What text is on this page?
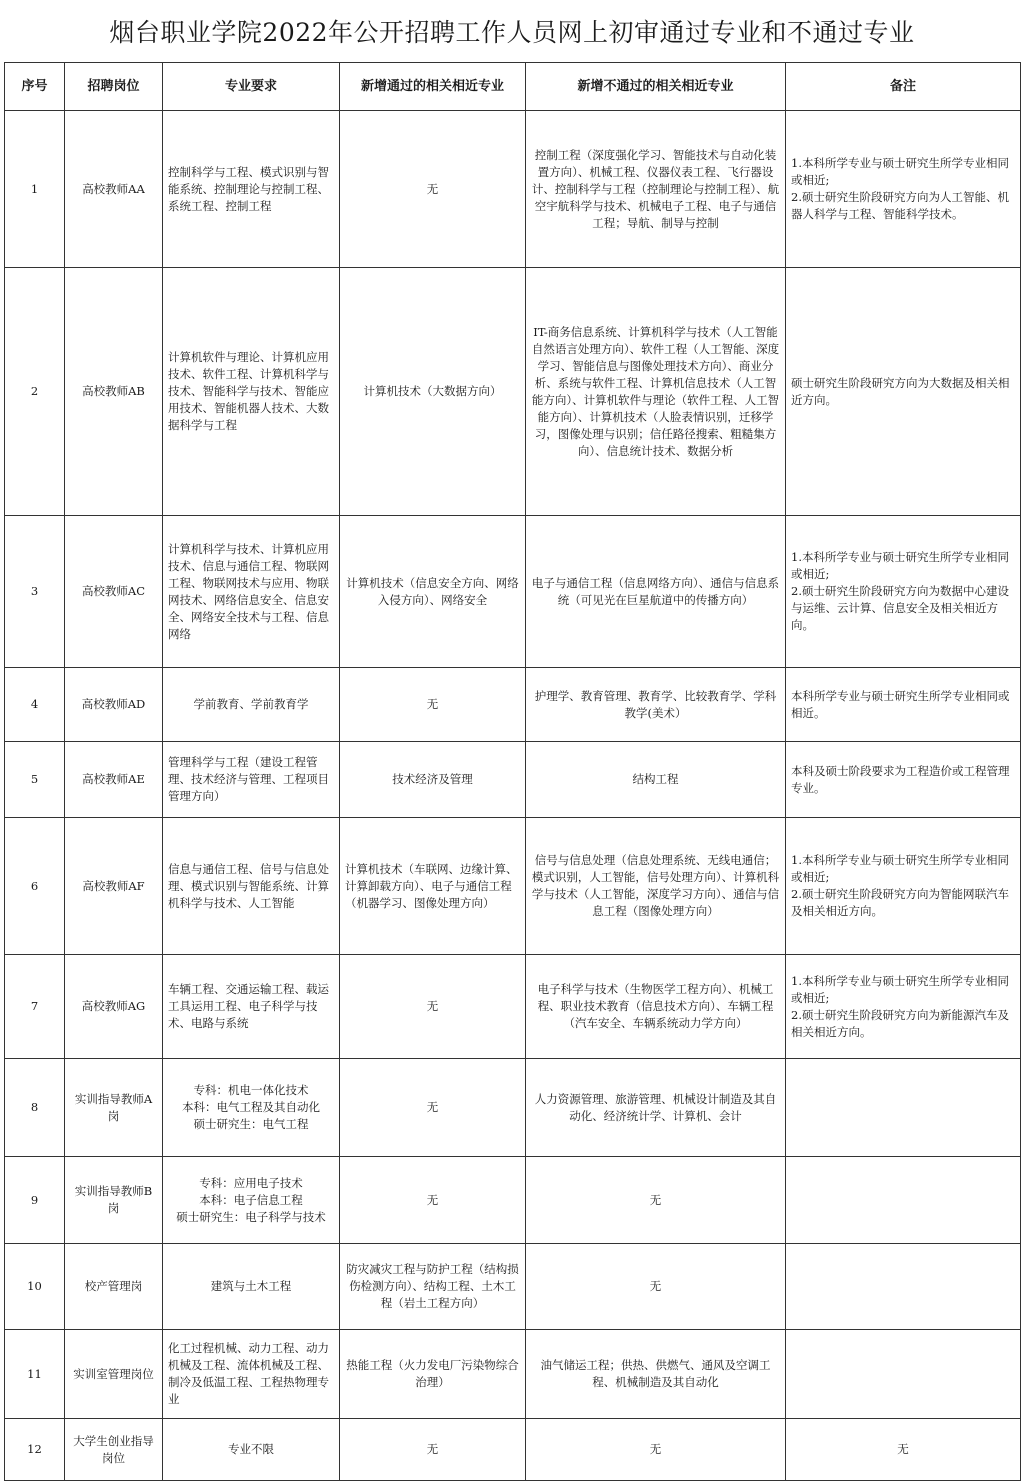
烟台职业学院2022年公开招聘工作人员网上初审通过专业和不通过专业
序号	招聘岗位	专业要求	新增通过的相关相近专业	新增不通过的相关相近专业	备注
1	高校教师AA	控制科学与工程、模式识别与智能系统、控制理论与控制工程、系统工程、控制工程	无	控制工程（深度强化学习、智能技术与自动化装置方向）、机械工程、仪器仪表工程、飞行器设计、控制科学与工程（控制理论与控制工程）、航空宇航科学与技术、机械电子工程、电子与通信工程；导航、制导与控制	1.本科所学专业与硕士研究生所学专业相同或相近;
2.硕士研究生阶段研究方向为人工智能、机器人科学与工程、智能科学技术。

2	高校教师AB	计算机软件与理论、计算机应用技术、软件工程、计算机科学与技术、智能科学与技术、智能应用技术、智能机器人技术、大数据科学与工程	计算机技术（大数据方向）	IT-商务信息系统、计算机科学与技术（人工智能自然语言处理方向）、软件工程（人工智能、深度学习、智能信息与图像处理技术方向）、商业分析、系统与软件工程、计算机信息技术（人工智能方向）、计算机软件与理论（软件工程、人工智能方向）、计算机技术（人脸表情识别，迁移学习，图像处理与识别；信任路径搜索、粗糙集方向）、信息统计技术、数据分析	硕士研究生阶段研究方向为大数据及相关相近方向。

3	高校教师AC	计算机科学与技术、计算机应用技术、信息与通信工程、物联网工程、物联网技术与应用、物联网技术、网络信息安全、信息安全、网络安全技术与工程、信息网络	计算机技术（信息安全方向、网络入侵方向）、网络安全	电子与通信工程（信息网络方向）、通信与信息系统（可见光在巨星航道中的传播方向）	1.本科所学专业与硕士研究生所学专业相同或相近;
2.硕士研究生阶段研究方向为数据中心建设与运维、云计算、信息安全及相关相近方向。

4	高校教师AD	学前教育、学前教育学	无	护理学、教育管理、教育学、比较教育学、学科教学(美术）	本科所学专业与硕士研究生所学专业相同或相近。

5	高校教师AE	管理科学与工程（建设工程管理、技术经济与管理、工程项目管理方向）	技术经济及管理	结构工程	本科及硕士阶段要求为工程造价或工程管理专业。

6	高校教师AF	信息与通信工程、信号与信息处理、模式识别与智能系统、计算机科学与技术、人工智能	计算机技术（车联网、边缘计算、计算卸载方向）、电子与通信工程（机器学习、图像处理方向）	信号与信息处理（信息处理系统、无线电通信；模式识别，人工智能，信号处理方向）、计算机科学与技术（人工智能，深度学习方向）、通信与信息工程（图像处理方向）	1.本科所学专业与硕士研究生所学专业相同或相近;
2.硕士研究生阶段研究方向为智能网联汽车及相关相近方向。

7	高校教师AG	车辆工程、交通运输工程、载运工具运用工程、电子科学与技术、电路与系统	无	电子科学与技术（生物医学工程方向）、机械工程、职业技术教育（信息技术方向）、车辆工程（汽车安全、车辆系统动力学方向）	1.本科所学专业与硕士研究生所学专业相同或相近;
2.硕士研究生阶段研究方向为新能源汽车及相关相近方向。

8	实训指导教师A岗	专科：机电一体化技术
本科：电气工程及其自动化
硕士研究生：电气工程	无	人力资源管理、旅游管理、机械设计制造及其自动化、经济统计学、计算机、会计	
9	实训指导教师B岗	专科：应用电子技术
本科：电子信息工程
硕士研究生：电子科学与技术	无	无	
10	校产管理岗	建筑与土木工程	防灾减灾工程与防护工程（结构损伤检测方向）、结构工程、土木工程（岩土工程方向）	无	
11	实训室管理岗位	化工过程机械、动力工程、动力机械及工程、流体机械及工程、制冷及低温工程、工程热物理专业	热能工程（火力发电厂污染物综合治理）	油气储运工程；供热、供燃气、通风及空调工程、机械制造及其自动化	
12	大学生创业指导岗位	专业不限	无	无	无
